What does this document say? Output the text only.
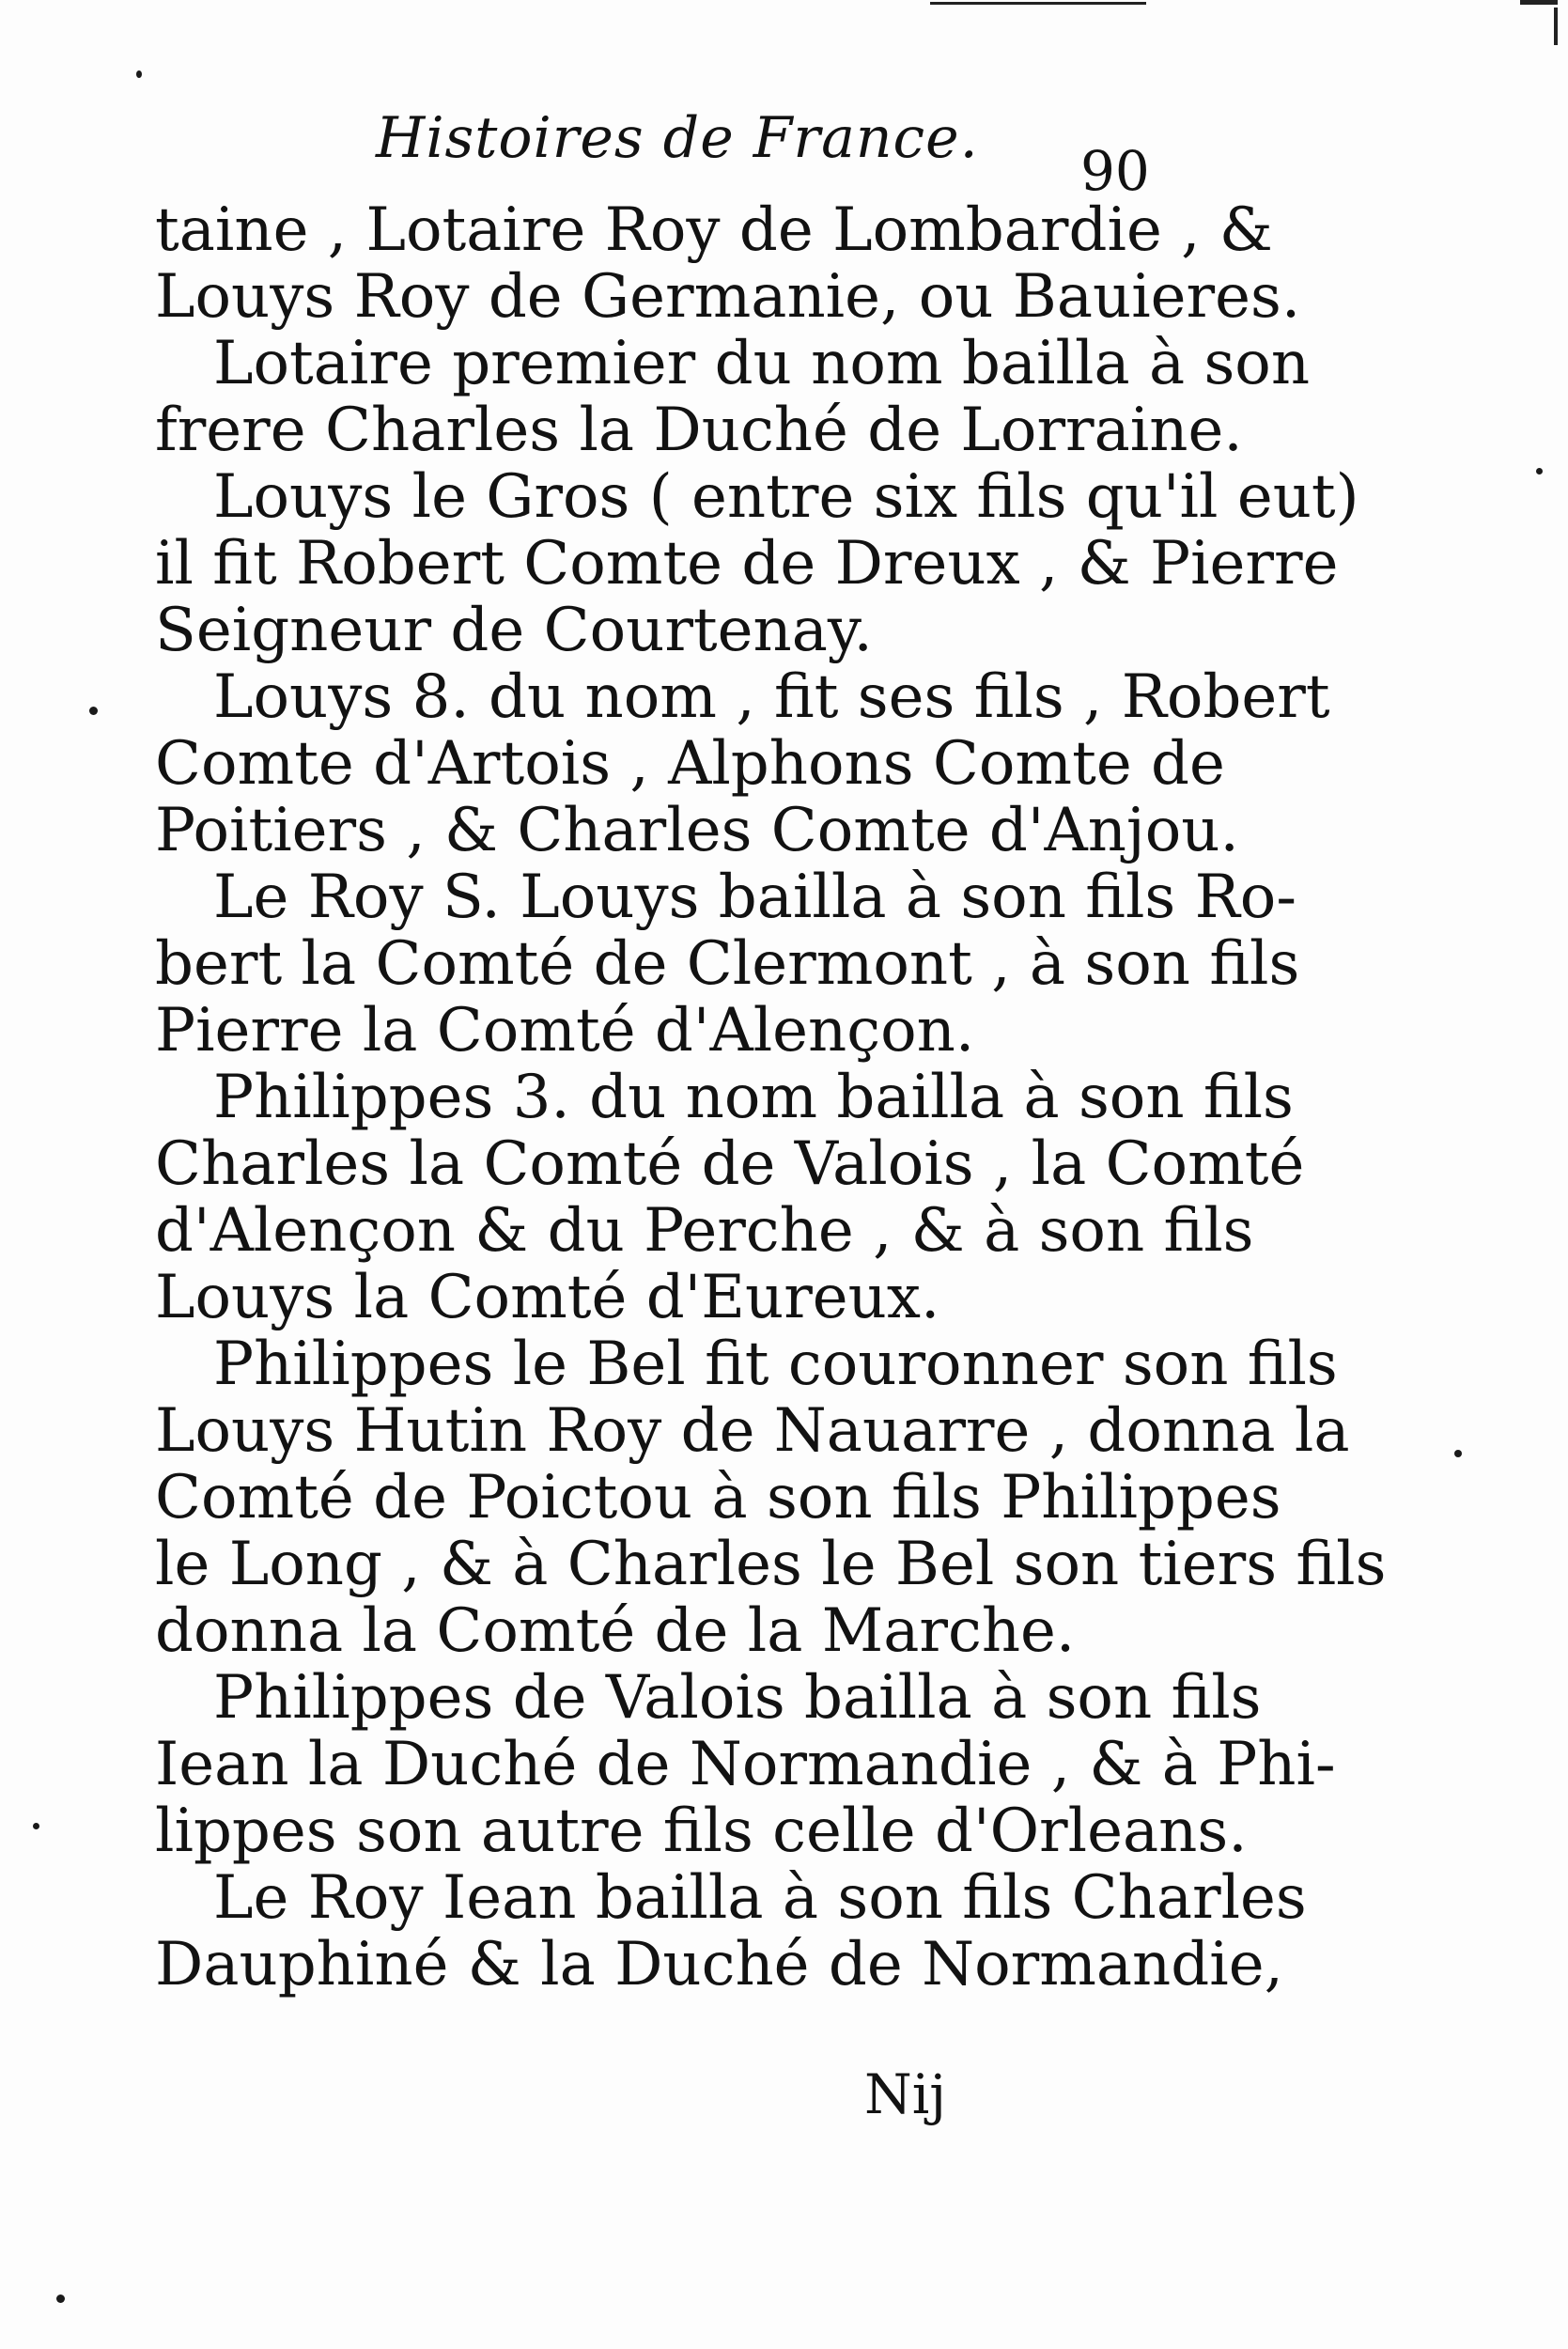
Histoires de France. 90
taine , Lotaire Roy de Lombardie , &
Louys Roy de Germanie, ou Bauieres.
Lotaire premier du nom bailla à son
frere Charles la Duché de Lorraine.
Louys le Gros ( entre six fils qu'il eut)
il fit Robert Comte de Dreux , & Pierre
Seigneur de Courtenay.
Louys 8. du nom , fit ses fils , Robert
Comte d'Artois , Alphons Comte de
Poitiers , & Charles Comte d'Anjou.
Le Roy S. Louys bailla à son fils Ro-
bert la Comté de Clermont , à son fils
Pierre la Comté d'Alençon.
Philippes 3. du nom bailla à son fils
Charles la Comté de Valois , la Comté
d'Alençon & du Perche , & à son fils
Louys la Comté d'Eureux.
Philippes le Bel fit couronner son fils
Louys Hutin Roy de Nauarre , donna la
Comté de Poictou à son fils Philippes
le Long , & à Charles le Bel son tiers fils
donna la Comté de la Marche.
Philippes de Valois bailla à son fils
Iean la Duché de Normandie , & à Phi-
lippes son autre fils celle d'Orleans.
Le Roy Iean bailla à son fils Charles
Dauphiné & la Duché de Normandie,
Nij
